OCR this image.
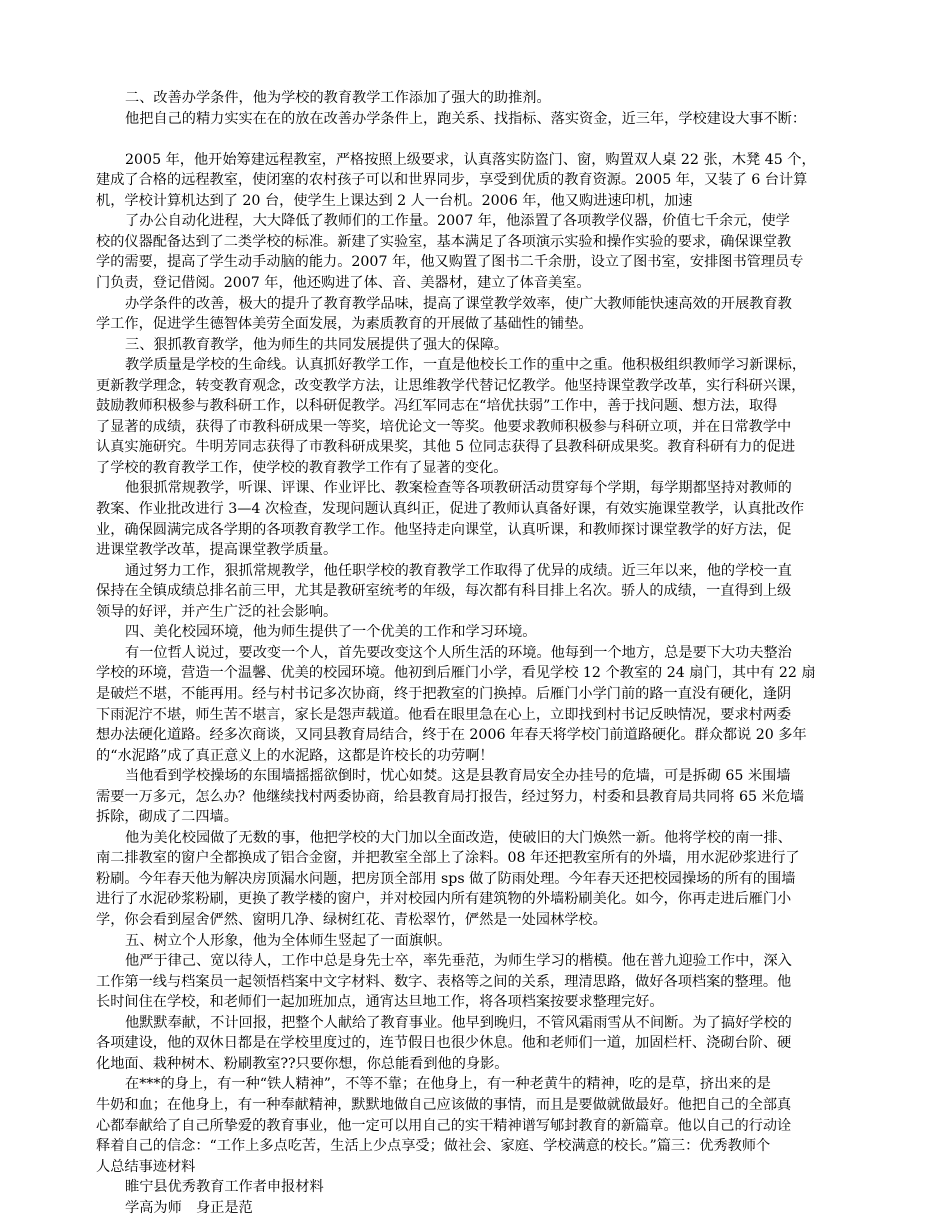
二、改善办学条件，他为学校的教育教学工作添加了强大的助推剂。
他把自己的精力实实在在的放在改善办学条件上，跑关系、找指标、落实资金，近三年，学校建设大事不断：
2005 年，他开始筹建远程教室，严格按照上级要求，认真落实防盗门、窗，购置双人桌 22 张，木凳 45 个，
建成了合格的远程教室，使闭塞的农村孩子可以和世界同步，享受到优质的教育资源。2005 年，又装了 6 台计算
机，学校计算机达到了 20 台，使学生上课达到 2 人一台机。2006 年，他又购进速印机，加速
了办公自动化进程，大大降低了教师们的工作量。2007 年，他添置了各项教学仪器，价值七千余元，使学
校的仪器配备达到了二类学校的标准。新建了实验室，基本满足了各项演示实验和操作实验的要求，确保课堂教
学的需要，提高了学生动手动脑的能力。2007 年，他又购置了图书二千余册，设立了图书室，安排图书管理员专
门负责，登记借阅。2007 年，他还购进了体、音、美器材，建立了体音美室。
办学条件的改善，极大的提升了教育教学品味，提高了课堂教学效率，使广大教师能快速高效的开展教育教
学工作，促进学生德智体美劳全面发展，为素质教育的开展做了基础性的铺垫。
三、狠抓教育教学，他为师生的共同发展提供了强大的保障。
教学质量是学校的生命线。认真抓好教学工作，一直是他校长工作的重中之重。他积极组织教师学习新课标，
更新教学理念，转变教育观念，改变教学方法，让思维教学代替记忆教学。他坚持课堂教学改革，实行科研兴课，
鼓励教师积极参与教科研工作，以科研促教学。冯红军同志在“培优扶弱”工作中，善于找问题、想方法，取得
了显著的成绩，获得了市教科研成果一等奖，培优论文一等奖。他要求教师积极参与科研立项，并在日常教学中
认真实施研究。牛明芳同志获得了市教科研成果奖，其他 5 位同志获得了县教科研成果奖。教育科研有力的促进
了学校的教育教学工作，使学校的教育教学工作有了显著的变化。
他狠抓常规教学，听课、评课、作业评比、教案检查等各项教研活动贯穿每个学期，每学期都坚持对教师的
教案、作业批改进行 3—4 次检查，发现问题认真纠正，促进了教师认真备好课，有效实施课堂教学，认真批改作
业，确保圆满完成各学期的各项教育教学工作。他坚持走向课堂，认真听课，和教师探讨课堂教学的好方法，促
进课堂教学改革，提高课堂教学质量。
通过努力工作，狠抓常规教学，他任职学校的教育教学工作取得了优异的成绩。近三年以来，他的学校一直
保持在全镇成绩总排名前三甲，尤其是教研室统考的年级，每次都有科目排上名次。骄人的成绩，一直得到上级
领导的好评，并产生广泛的社会影响。
四、美化校园环境，他为师生提供了一个优美的工作和学习环境。
有一位哲人说过，要改变一个人，首先要改变这个人所生活的环境。他每到一个地方，总是要下大功夫整治
学校的环境，营造一个温馨、优美的校园环境。他初到后雁门小学，看见学校 12 个教室的 24 扇门，其中有 22 扇
是破烂不堪，不能再用。经与村书记多次协商，终于把教室的门换掉。后雁门小学门前的路一直没有硬化，逢阴
下雨泥泞不堪，师生苦不堪言，家长是怨声载道。他看在眼里急在心上，立即找到村书记反映情况，要求村两委
想办法硬化道路。经多次商谈，又同县教育局结合，终于在 2006 年春天将学校门前道路硬化。群众都说 20 多年
的“水泥路”成了真正意义上的水泥路，这都是许校长的功劳啊！
当他看到学校操场的东围墙摇摇欲倒时，忧心如焚。这是县教育局安全办挂号的危墙，可是拆砌 65 米围墙
需要一万多元，怎么办？他继续找村两委协商，给县教育局打报告，经过努力，村委和县教育局共同将 65 米危墙
拆除，砌成了二四墙。
他为美化校园做了无数的事，他把学校的大门加以全面改造，使破旧的大门焕然一新。他将学校的南一排、
南二排教室的窗户全都换成了铝合金窗，并把教室全部上了涂料。08 年还把教室所有的外墙，用水泥砂浆进行了
粉刷。今年春天他为解决房顶漏水问题，把房顶全部用 sps 做了防雨处理。今年春天还把校园操场的所有的围墙
进行了水泥砂浆粉刷，更换了教学楼的窗户，并对校园内所有建筑物的外墙粉刷美化。如今，你再走进后雁门小
学，你会看到屋舍俨然、窗明几净、绿树红花、青松翠竹，俨然是一处园林学校。
五、树立个人形象，他为全体师生竖起了一面旗帜。
他严于律己、宽以待人，工作中总是身先士卒，率先垂范，为师生学习的楷模。他在普九迎验工作中，深入
工作第一线与档案员一起领悟档案中文字材料、数字、表格等之间的关系，理清思路，做好各项档案的整理。他
长时间住在学校，和老师们一起加班加点，通宵达旦地工作，将各项档案按要求整理完好。
他默默奉献，不计回报，把整个人献给了教育事业。他早到晚归，不管风霜雨雪从不间断。为了搞好学校的
各项建设，他的双休日都是在学校里度过的，连节假日也很少休息。他和老师们一道，加固栏杆、浇砌台阶、硬
化地面、栽种树木、粉刷教室??只要你想，你总能看到他的身影。
在***的身上，有一种“铁人精神”，不等不靠；在他身上，有一种老黄牛的精神，吃的是草，挤出来的是
牛奶和血；在他身上，有一种奉献精神，默默地做自己应该做的事情，而且是要做就做最好。他把自己的全部真
心都奉献给了自己所挚爱的教育事业，他一定可以用自己的实干精神谱写郇封教育的新篇章。他以自己的行动诠
释着自己的信念：“工作上多点吃苦，生活上少点享受；做社会、家庭、学校满意的校长。”篇三：优秀教师个
人总结事迹材料
睢宁县优秀教育工作者申报材料
学高为师　身正是范
